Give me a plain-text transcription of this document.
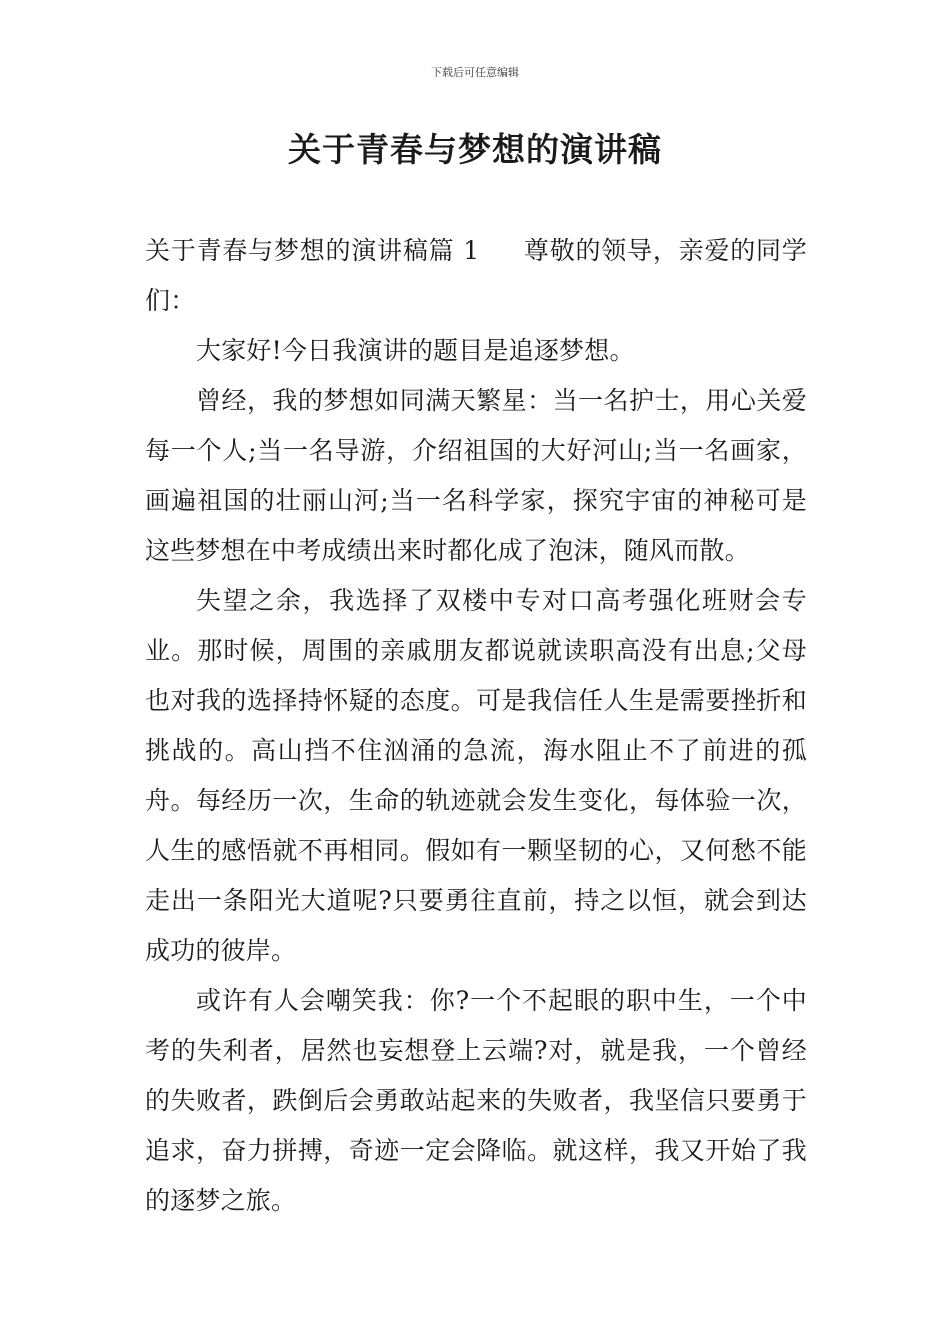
下载后可任意编辑
关于青春与梦想的演讲稿

关于青春与梦想的演讲稿篇 1 尊敬的领导，亲爱的同学们：

大家好!今日我演讲的题目是追逐梦想。

曾经，我的梦想如同满天繁星：当一名护士，用心关爱每一个人;当一名导游，介绍祖国的大好河山;当一名画家，画遍祖国的壮丽山河;当一名科学家，探究宇宙的神秘可是这些梦想在中考成绩出来时都化成了泡沫，随风而散。

失望之余，我选择了双楼中专对口高考强化班财会专业。那时候，周围的亲戚朋友都说就读职高没有出息;父母也对我的选择持怀疑的态度。可是我信任人生是需要挫折和挑战的。高山挡不住汹涌的急流，海水阻止不了前进的孤舟。每经历一次，生命的轨迹就会发生变化，每体验一次，人生的感悟就不再相同。假如有一颗坚韧的心，又何愁不能走出一条阳光大道呢?只要勇往直前，持之以恒，就会到达成功的彼岸。

或许有人会嘲笑我：你?一个不起眼的职中生，一个中考的失利者，居然也妄想登上云端?对，就是我，一个曾经的失败者，跌倒后会勇敢站起来的失败者，我坚信只要勇于追求，奋力拼搏，奇迹一定会降临。就这样，我又开始了我的逐梦之旅。
